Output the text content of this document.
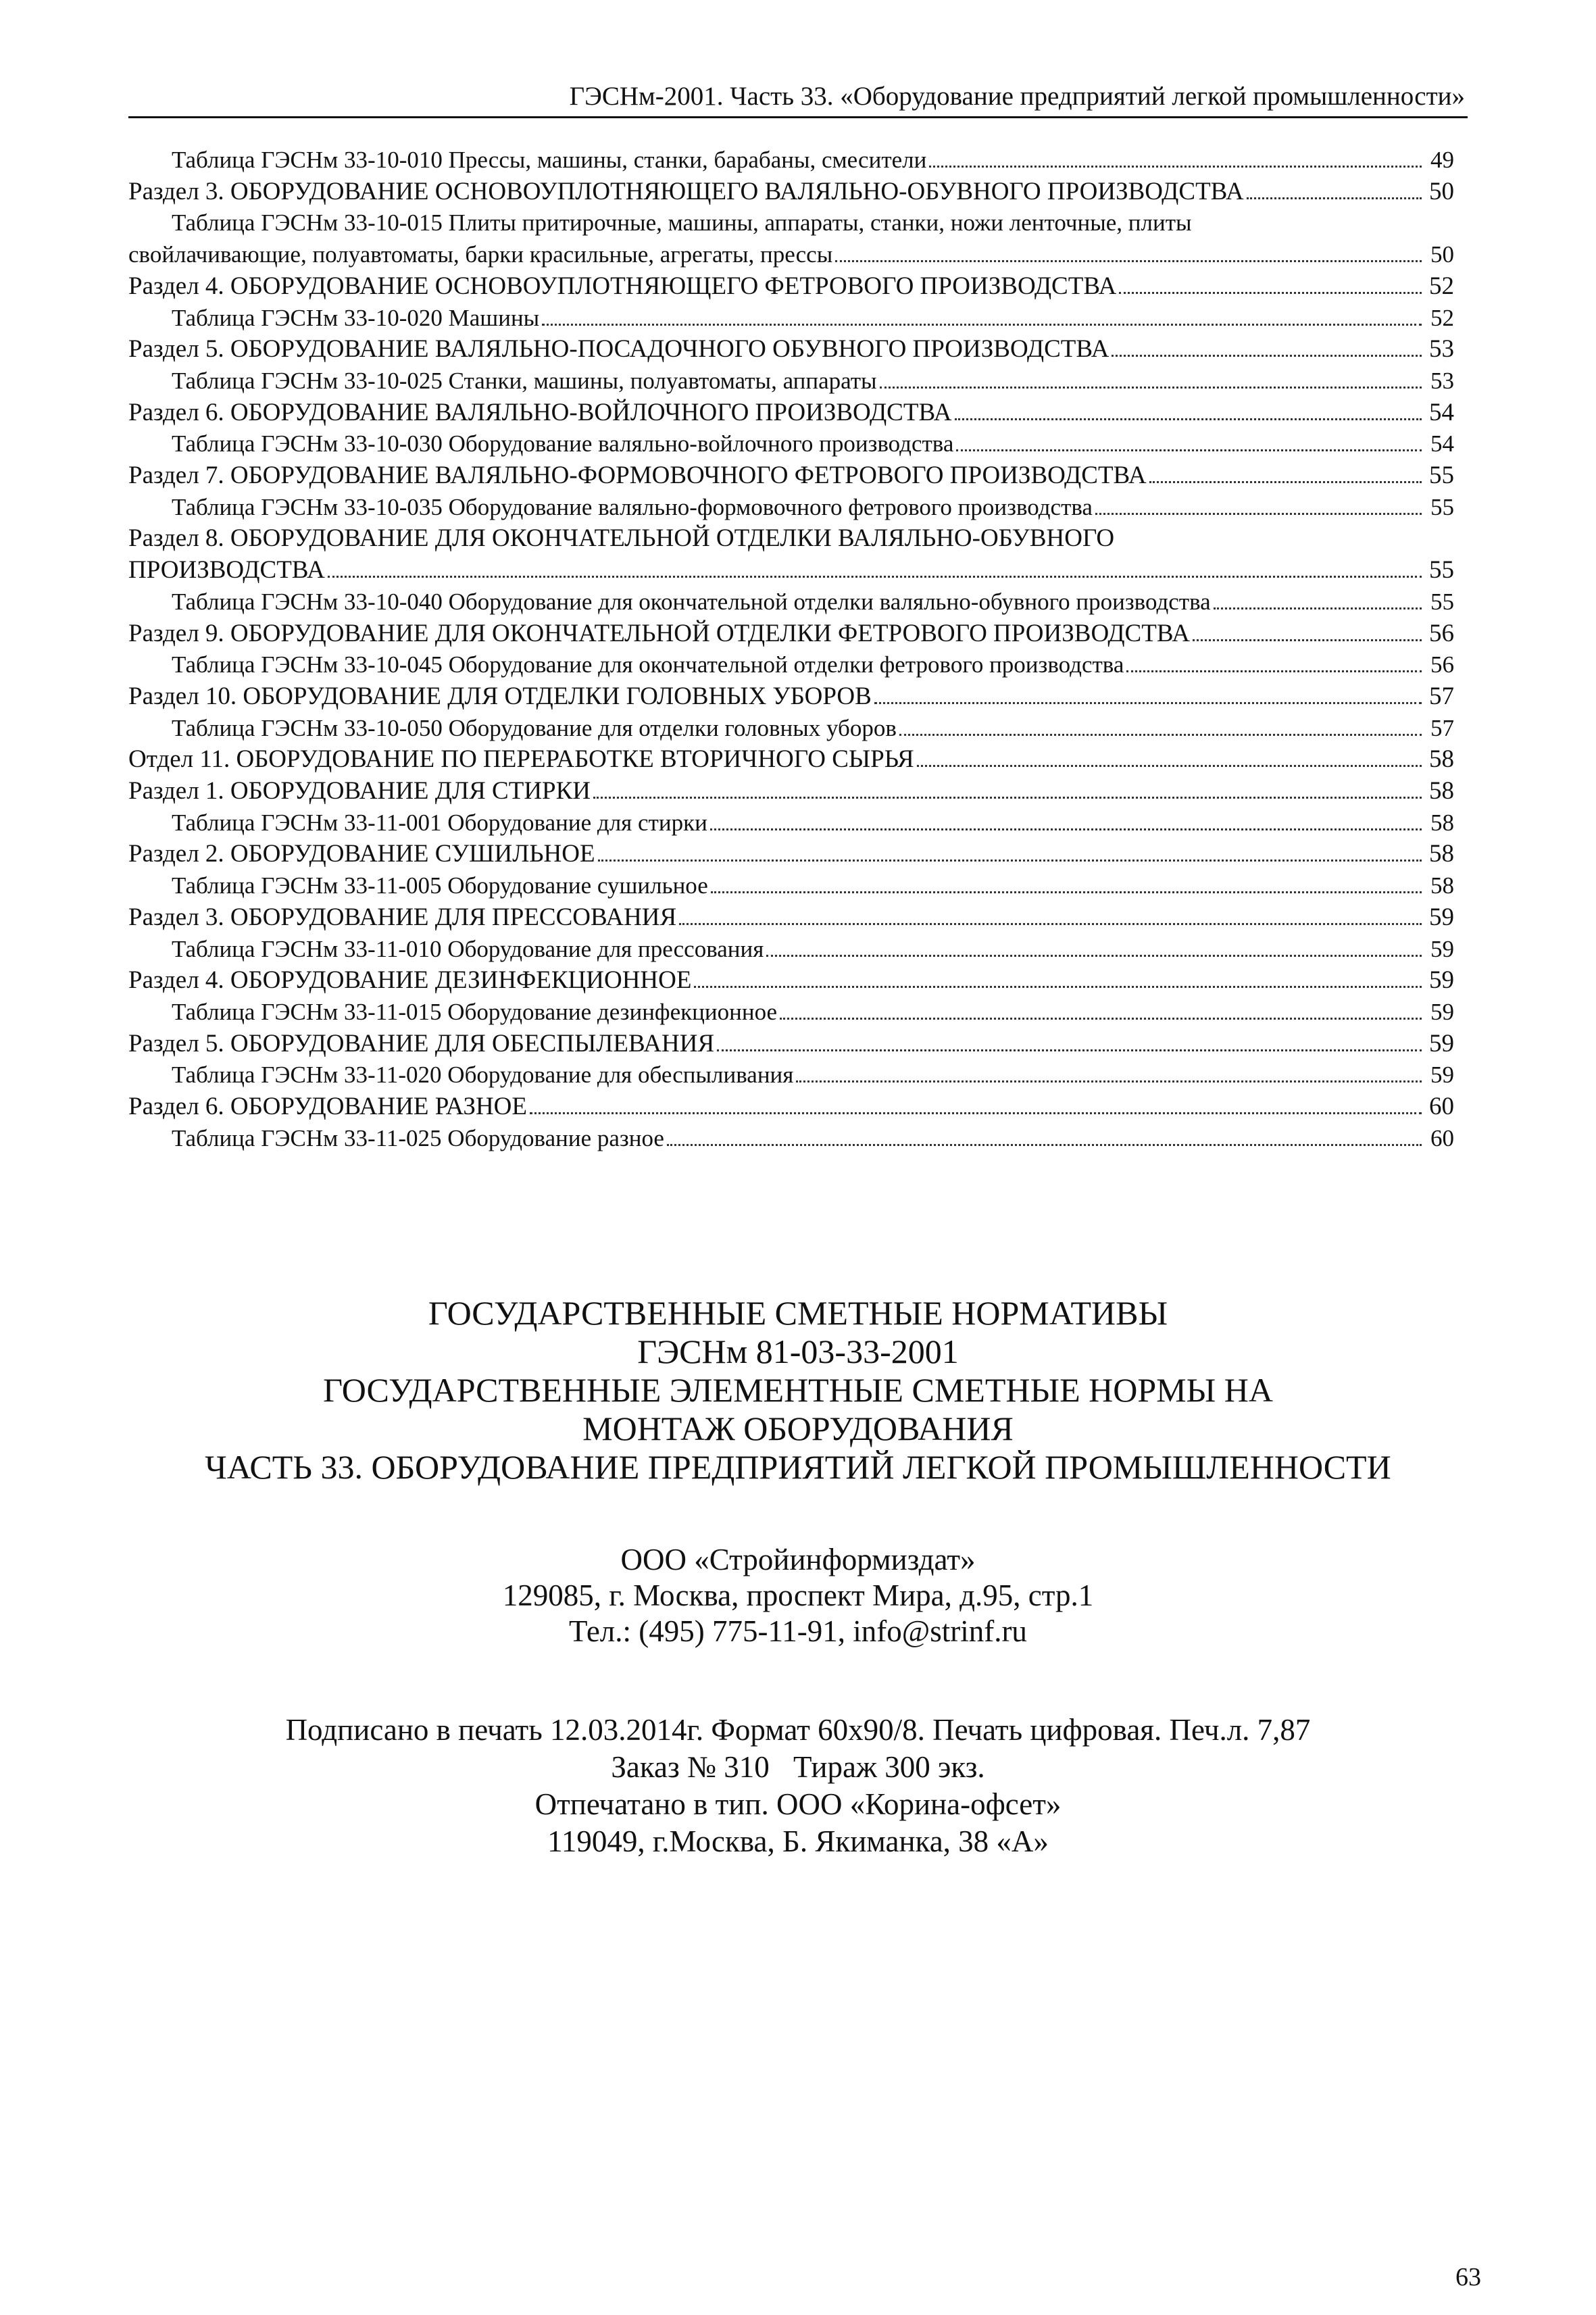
ГЭСНм-2001. Часть 33. «Оборудование предприятий легкой промышленности»
Таблица ГЭСНм 33-10-010 Прессы, машины, станки, барабаны, смесители	49
Раздел 3. ОБОРУДОВАНИЕ ОСНОВОУПЛОТНЯЮЩЕГО ВАЛЯЛЬНО-ОБУВНОГО ПРОИЗВОДСТВА	50
Таблица ГЭСНм 33-10-015 Плиты притирочные, машины, аппараты, станки, ножи ленточные, плиты
свойлачивающие, полуавтоматы, барки красильные, агрегаты, прессы	50
Раздел 4. ОБОРУДОВАНИЕ ОСНОВОУПЛОТНЯЮЩЕГО ФЕТРОВОГО ПРОИЗВОДСТВА	52
Таблица ГЭСНм 33-10-020 Машины	52
Раздел 5. ОБОРУДОВАНИЕ ВАЛЯЛЬНО-ПОСАДОЧНОГО ОБУВНОГО ПРОИЗВОДСТВА	53
Таблица ГЭСНм 33-10-025 Станки, машины, полуавтоматы, аппараты	53
Раздел 6. ОБОРУДОВАНИЕ ВАЛЯЛЬНО-ВОЙЛОЧНОГО ПРОИЗВОДСТВА	54
Таблица ГЭСНм 33-10-030 Оборудование валяльно-войлочного производства	54
Раздел 7. ОБОРУДОВАНИЕ ВАЛЯЛЬНО-ФОРМОВОЧНОГО ФЕТРОВОГО ПРОИЗВОДСТВА	55
Таблица ГЭСНм 33-10-035 Оборудование валяльно-формовочного фетрового производства	55
Раздел 8. ОБОРУДОВАНИЕ ДЛЯ ОКОНЧАТЕЛЬНОЙ ОТДЕЛКИ ВАЛЯЛЬНО-ОБУВНОГО
ПРОИЗВОДСТВА	55
Таблица ГЭСНм 33-10-040 Оборудование для окончательной отделки валяльно-обувного производства	55
Раздел 9. ОБОРУДОВАНИЕ ДЛЯ ОКОНЧАТЕЛЬНОЙ ОТДЕЛКИ ФЕТРОВОГО ПРОИЗВОДСТВА	56
Таблица ГЭСНм 33-10-045 Оборудование для окончательной отделки фетрового производства	56
Раздел 10. ОБОРУДОВАНИЕ ДЛЯ ОТДЕЛКИ ГОЛОВНЫХ УБОРОВ	57
Таблица ГЭСНм 33-10-050 Оборудование для отделки головных уборов	57
Отдел 11. ОБОРУДОВАНИЕ ПО ПЕРЕРАБОТКЕ ВТОРИЧНОГО СЫРЬЯ	58
Раздел 1. ОБОРУДОВАНИЕ ДЛЯ СТИРКИ	58
Таблица ГЭСНм 33-11-001 Оборудование для стирки	58
Раздел 2. ОБОРУДОВАНИЕ СУШИЛЬНОЕ	58
Таблица ГЭСНм 33-11-005 Оборудование сушильное	58
Раздел 3. ОБОРУДОВАНИЕ ДЛЯ ПРЕССОВАНИЯ	59
Таблица ГЭСНм 33-11-010 Оборудование для прессования	59
Раздел 4. ОБОРУДОВАНИЕ ДЕЗИНФЕКЦИОННОЕ	59
Таблица ГЭСНм 33-11-015 Оборудование дезинфекционное	59
Раздел 5. ОБОРУДОВАНИЕ ДЛЯ ОБЕСПЫЛЕВАНИЯ	59
Таблица ГЭСНм 33-11-020 Оборудование для обеспыливания	59
Раздел 6. ОБОРУДОВАНИЕ РАЗНОЕ	60
Таблица ГЭСНм 33-11-025 Оборудование разное	60
ГОСУДАРСТВЕННЫЕ СМЕТНЫЕ НОРМАТИВЫ
ГЭСНм 81-03-33-2001
ГОСУДАРСТВЕННЫЕ ЭЛЕМЕНТНЫЕ СМЕТНЫЕ НОРМЫ НА
МОНТАЖ ОБОРУДОВАНИЯ
ЧАСТЬ 33. ОБОРУДОВАНИЕ ПРЕДПРИЯТИЙ ЛЕГКОЙ ПРОМЫШЛЕННОСТИ
ООО «Стройинформиздат»
129085, г. Москва, проспект Мира, д.95, стр.1
Тел.: (495) 775-11-91, info@strinf.ru
Подписано в печать 12.03.2014г. Формат 60х90/8. Печать цифровая. Печ.л. 7,87
Заказ № 310 Тираж 300 экз.
Отпечатано в тип. ООО «Корина-офсет»
119049, г.Москва, Б. Якиманка, 38 «А»
63
